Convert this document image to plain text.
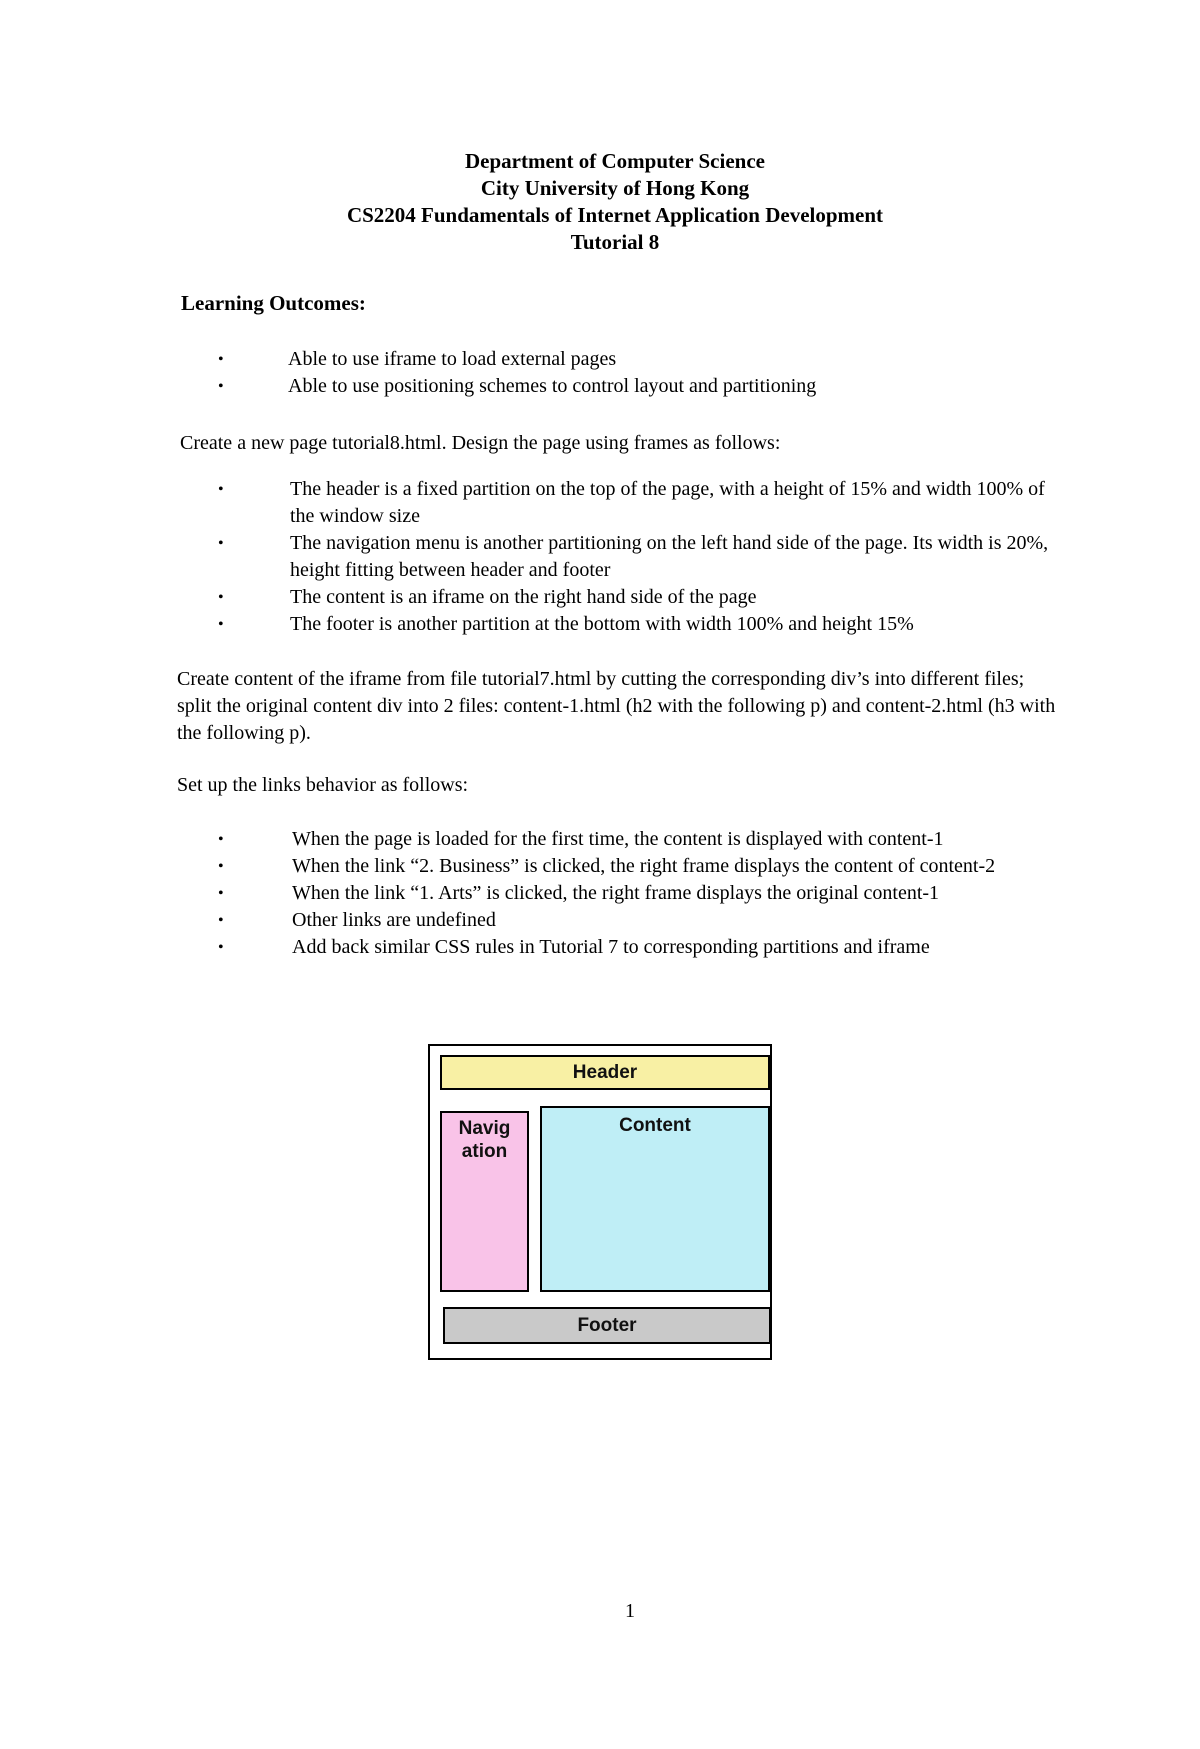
Department of Computer Science
City University of Hong Kong
CS2204 Fundamentals of Internet Application Development
Tutorial 8
Learning Outcomes:
•	Able to use iframe to load external pages
•	Able to use positioning schemes to control layout and partitioning
Create a new page tutorial8.html. Design the page using frames as follows:
•	The header is a fixed partition on the top of the page, with a height of 15% and width 100% of the window size
•	The navigation menu is another partitioning on the left hand side of the page. Its width is 20%, height fitting between header and footer
•	The content is an iframe on the right hand side of the page
•	The footer is another partition at the bottom with width 100% and height 15%
Create content of the iframe from file tutorial7.html by cutting the corresponding div’s into different files; split the original content div into 2 files: content-1.html (h2 with the following p) and content-2.html (h3 with the following p).
Set up the links behavior as follows:
•	When the page is loaded for the first time, the content is displayed with content-1
•	When the link “2. Business” is clicked, the right frame displays the content of content-2
•	When the link “1. Arts” is clicked, the right frame displays the original content-1
•	Other links are undefined
•	Add back similar CSS rules in Tutorial 7 to corresponding partitions and iframe
Header
Navig
ation
Content
Footer
1
